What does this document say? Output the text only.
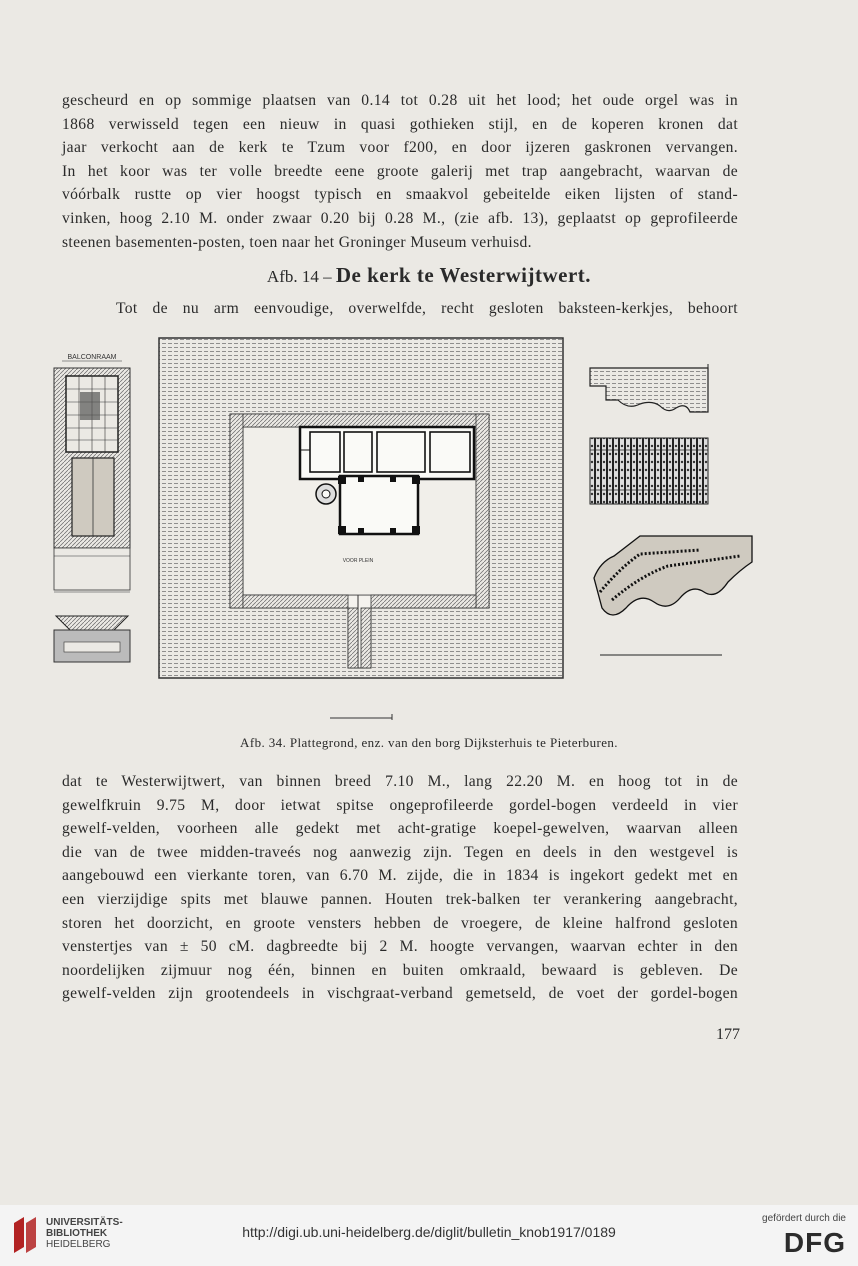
gescheurd en op sommige plaatsen van 0.14 tot 0.28 uit het lood; het oude orgel was in
1868 verwisseld tegen een nieuw in quasi gothieken stijl, en de koperen kronen dat
jaar verkocht aan de kerk te Tzum voor f200, en door ijzeren gaskronen vervangen.
In het koor was ter volle breedte eene groote galerij met trap aangebracht, waarvan de
vóórbalk rustte op vier hoogst typisch en smaakvol gebeitelde eiken lijsten of stand-
vinken, hoog 2.10 M. onder zwaar 0.20 bij 0.28 M., (zie afb. 13), geplaatst op geprofileerde
steenen basementen-posten, toen naar het Groninger Museum verhuisd.
Afb. 14 – De kerk te Westerwijtwert.
Tot de nu arm eenvoudige, overwelfde, recht gesloten baksteen-kerkjes, behoort
BALCONRAAM
VOOR PLEIN
Afb. 34. Plattegrond, enz. van den borg Dijksterhuis te Pieterburen.
dat te Westerwijtwert, van binnen breed 7.10 M., lang 22.20 M. en hoog tot in de
gewelfkruin 9.75 M, door ietwat spitse ongeprofileerde gordel-bogen verdeeld in vier
gewelf-velden, voorheen alle gedekt met acht-gratige koepel-gewelven, waarvan alleen
die van de twee midden-traveés nog aanwezig zijn. Tegen en deels in den westgevel is
aangebouwd een vierkante toren, van 6.70 M. zijde, die in 1834 is ingekort gedekt met en
een vierzijdige spits met blauwe pannen. Houten trek-balken ter verankering aangebracht,
storen het doorzicht, en groote vensters hebben de vroegere, de kleine halfrond gesloten
venstertjes van ± 50 cM. dagbreedte bij 2 M. hoogte vervangen, waarvan echter in den
noordelijken zijmuur nog één, binnen en buiten omkraald, bewaard is gebleven. De
gewelf-velden zijn grootendeels in vischgraat-verband gemetseld, de voet der gordel-bogen
177
UNIVERSITÄTS-
BIBLIOTHEK
HEIDELBERG
http://digi.ub.uni-heidelberg.de/diglit/bulletin_knob1917/0189
gefördert durch die
DFG
